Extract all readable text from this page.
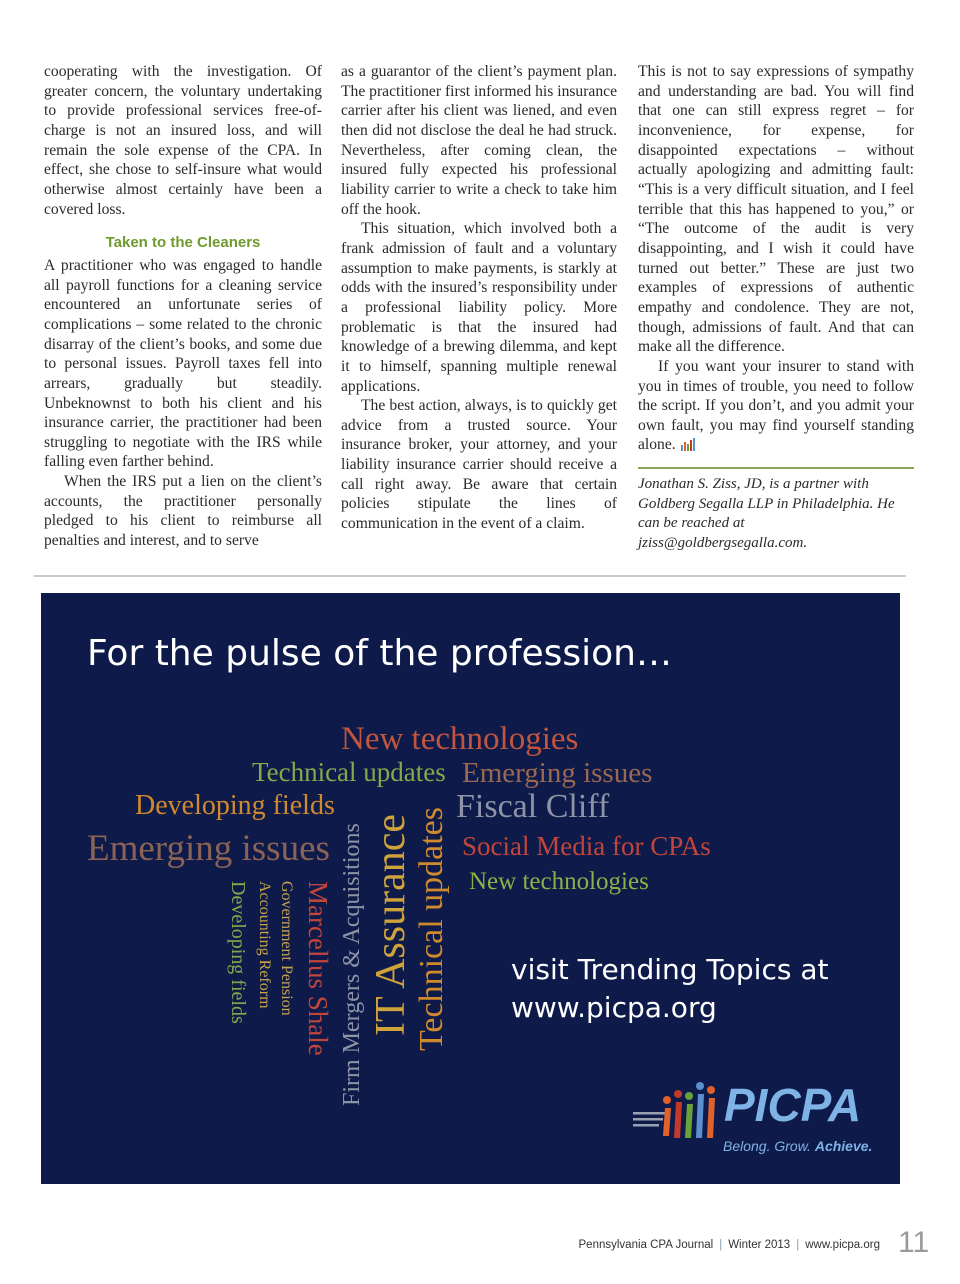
cooperating with the investigation. Of greater concern, the voluntary undertaking to provide professional services free-of-charge is not an insured loss, and will remain the sole expense of the CPA. In effect, she chose to self-insure what would otherwise almost certainly have been a covered loss.

Taken to the Cleaners

A practitioner who was engaged to handle all payroll functions for a cleaning service encountered an unfortunate series of complications – some related to the chronic disarray of the client’s books, and some due to personal issues. Payroll taxes fell into arrears, gradually but steadily. Unbeknownst to both his client and his insurance carrier, the practitioner had been struggling to negotiate with the IRS while falling even farther behind.

When the IRS put a lien on the client’s accounts, the practitioner personally pledged to his client to reimburse all penalties and interest, and to serve

as a guarantor of the client’s payment plan. The practitioner first informed his insurance carrier after his client was liened, and even then did not disclose the deal he had struck. Nevertheless, after coming clean, the insured fully expected his professional liability carrier to write a check to take him off the hook.

This situation, which involved both a frank admission of fault and a voluntary assumption to make payments, is starkly at odds with the insured’s responsibility under a professional liability policy. More problematic is that the insured had knowledge of a brewing dilemma, and kept it to himself, spanning multiple renewal applications.

The best action, always, is to quickly get advice from a trusted source. Your insurance broker, your attorney, and your liability insurance carrier should receive a call right away. Be aware that certain policies stipulate the lines of communication in the event of a claim.

This is not to say expressions of sympathy and understanding are bad. You will find that one can still express regret – for inconvenience, for expense, for disappointed expectations – without actually apologizing and admitting fault: “This is a very difficult situation, and I feel terrible that this has happened to you,” or “The outcome of the audit is very disappointing, and I wish it could have turned out better.” These are just two examples of expressions of authentic empathy and condolence. They are not, though, admissions of fault. And that can make all the difference.

If you want your insurer to stand with you in times of trouble, you need to follow the script. If you don’t, and you admit your own fault, you may find yourself standing alone.

Jonathan S. Ziss, JD, is a partner with Goldberg Segalla LLP in Philadelphia. He can be reached at jziss@goldbergsegalla.com.

For the pulse of the profession…
New technologies
Technical updates Emerging issues
Developing fields	Fiscal Cliff
Emerging issues	Social Media for CPAs
New technologies
Firm Mergers & Acquisitions IT Assurance Technical updates
Marcellus Shale
Government Pension
Accounting Reform
Developing fields	visit Trending Topics at
www.picpa.org
PICPA
Belong. Grow. Achieve.
Pennsylvania CPA Journal | Winter 2013 | www.picpa.org 11
